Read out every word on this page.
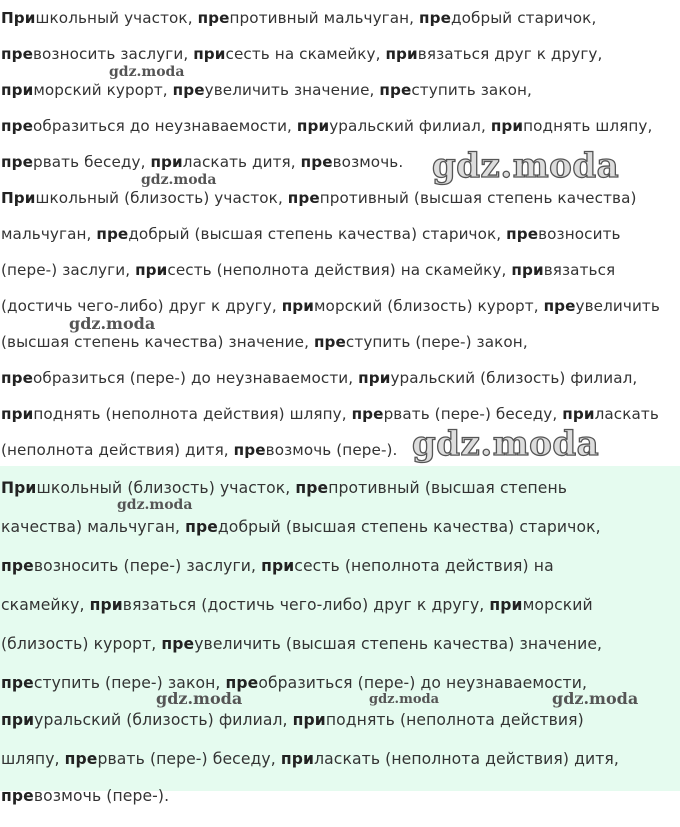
Пришкольный участок, препротивный мальчуган, предобрый старичок,
превозносить заслуги, присесть на скамейку, привязаться друг к другу,
приморский курорт, преувеличить значение, преступить закон,
преобразиться до неузнаваемости, приуральский филиал, приподнять шляпу,
прервать беседу, приласкать дитя, превозмочь.
Пришкольный (близость) участок, препротивный (высшая степень качества)
мальчуган, предобрый (высшая степень качества) старичок, превозносить
(пере-) заслуги, присесть (неполнота действия) на скамейку, привязаться
(достичь чего-либо) друг к другу, приморский (близость) курорт, преувеличить
(высшая степень качества) значение, преступить (пере-) закон,
преобразиться (пере-) до неузнаваемости, приуральский (близость) филиал,
приподнять (неполнота действия) шляпу, прервать (пере-) беседу, приласкать
(неполнота действия) дитя, превозмочь (пере-).
gdz.moda
gdz.moda	gdz.moda
gdz.moda
gdz.moda
Пришкольный (близость) участок, препротивный (высшая степень
качества) мальчуган, предобрый (высшая степень качества) старичок,
превозносить (пере-) заслуги, присесть (неполнота действия) на
скамейку, привязаться (достичь чего-либо) друг к другу, приморский
(близость) курорт, преувеличить (высшая степень качества) значение,
преступить (пере-) закон, преобразиться (пере-) до неузнаваемости,
приуральский (близость) филиал, приподнять (неполнота действия)
шляпу, прервать (пере-) беседу, приласкать (неполнота действия) дитя,
превозмочь (пере-).
gdz.moda
gdz.moda	gdz.moda	gdz.moda
